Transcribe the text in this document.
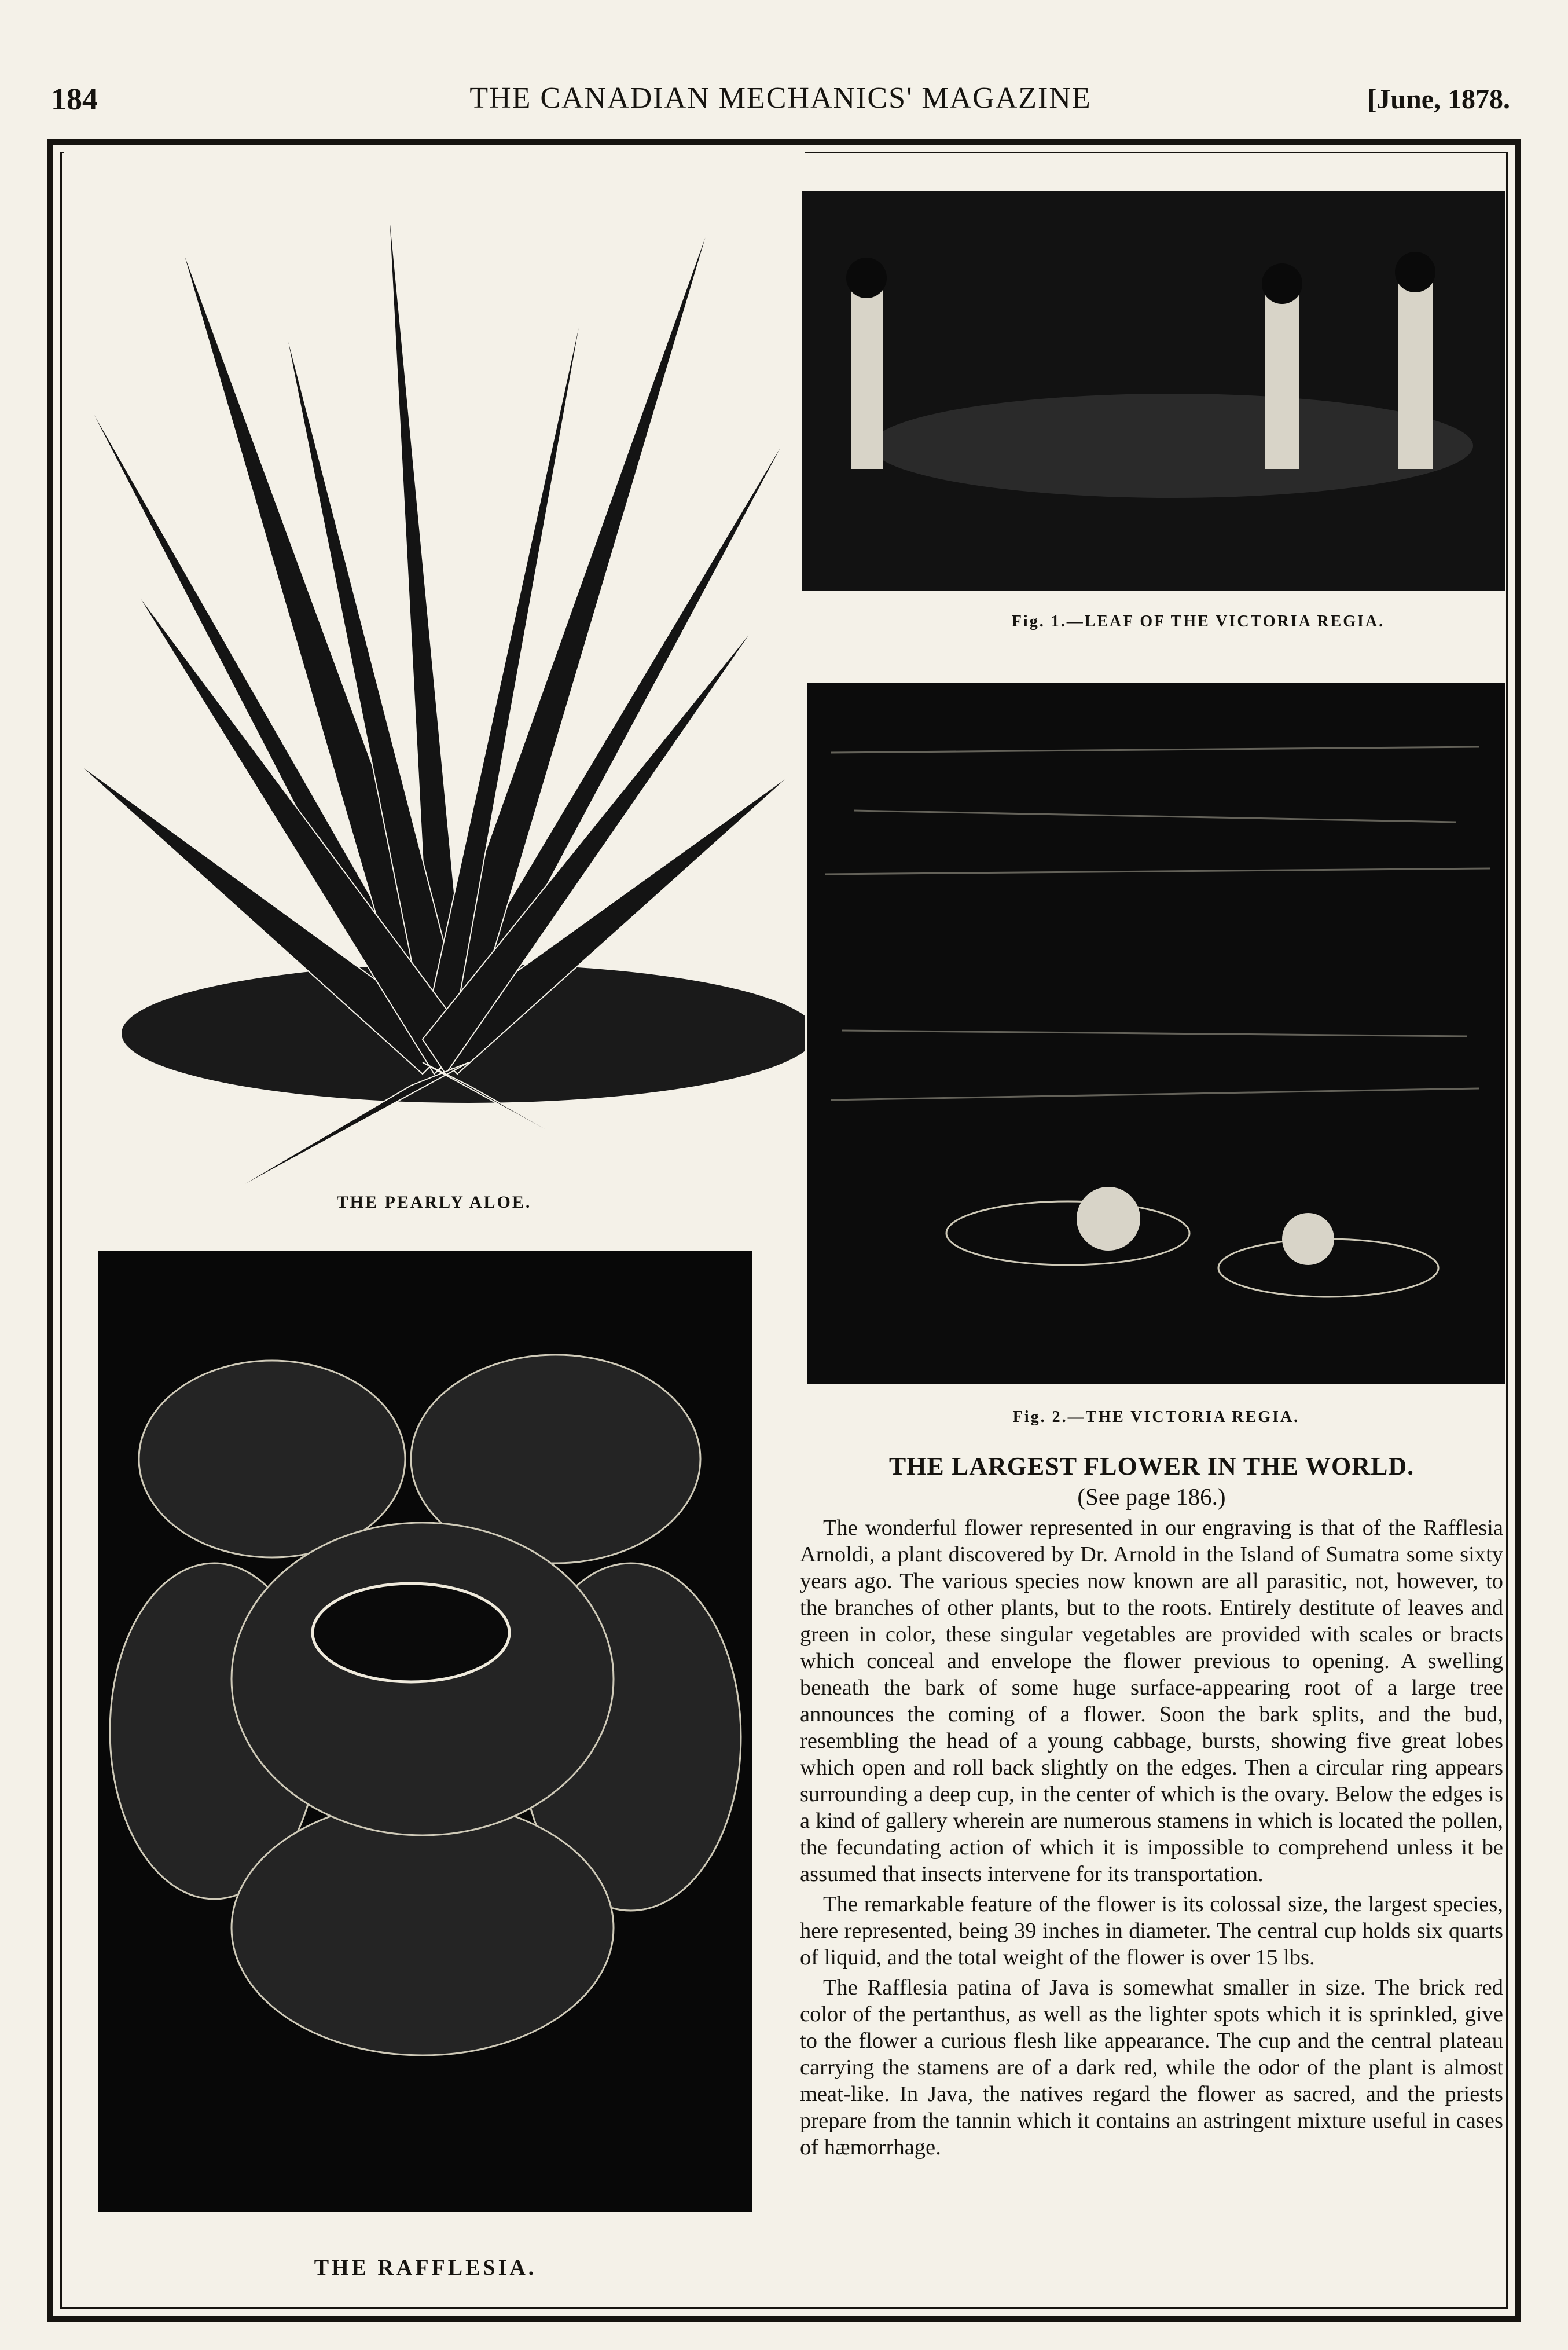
184	THE CANADIAN MECHANICS' MAGAZINE	[June, 1878.
THE PEARLY ALOE.
Fig. 1.—LEAF OF THE VICTORIA REGIA.
Fig. 2.—THE VICTORIA REGIA.
THE RAFFLESIA.
THE LARGEST FLOWER IN THE WORLD.
(See page 186.)

The wonderful flower represented in our engraving is that of the Rafflesia Arnoldi, a plant discovered by Dr. Arnold in the Island of Sumatra some sixty years ago. The various species now known are all parasitic, not, however, to the branches of other plants, but to the roots. Entirely destitute of leaves and green in color, these singular vegetables are provided with scales or bracts which conceal and envelope the flower previous to opening. A swelling beneath the bark of some huge surface-appearing root of a large tree announces the coming of a flower. Soon the bark splits, and the bud, resembling the head of a young cabbage, bursts, showing five great lobes which open and roll back slightly on the edges. Then a circular ring appears surrounding a deep cup, in the center of which is the ovary. Below the edges is a kind of gallery wherein are numerous stamens in which is located the pollen, the fecundating action of which it is impossible to comprehend unless it be assumed that insects intervene for its transportation.

The remarkable feature of the flower is its colossal size, the largest species, here represented, being 39 inches in diameter. The central cup holds six quarts of liquid, and the total weight of the flower is over 15 lbs.

The Rafflesia patina of Java is somewhat smaller in size. The brick red color of the pertanthus, as well as the lighter spots which it is sprinkled, give to the flower a curious flesh like appearance. The cup and the central plateau carrying the stamens are of a dark red, while the odor of the plant is almost meat-like. In Java, the natives regard the flower as sacred, and the priests prepare from the tannin which it contains an astringent mixture useful in cases of hæmorrhage.
